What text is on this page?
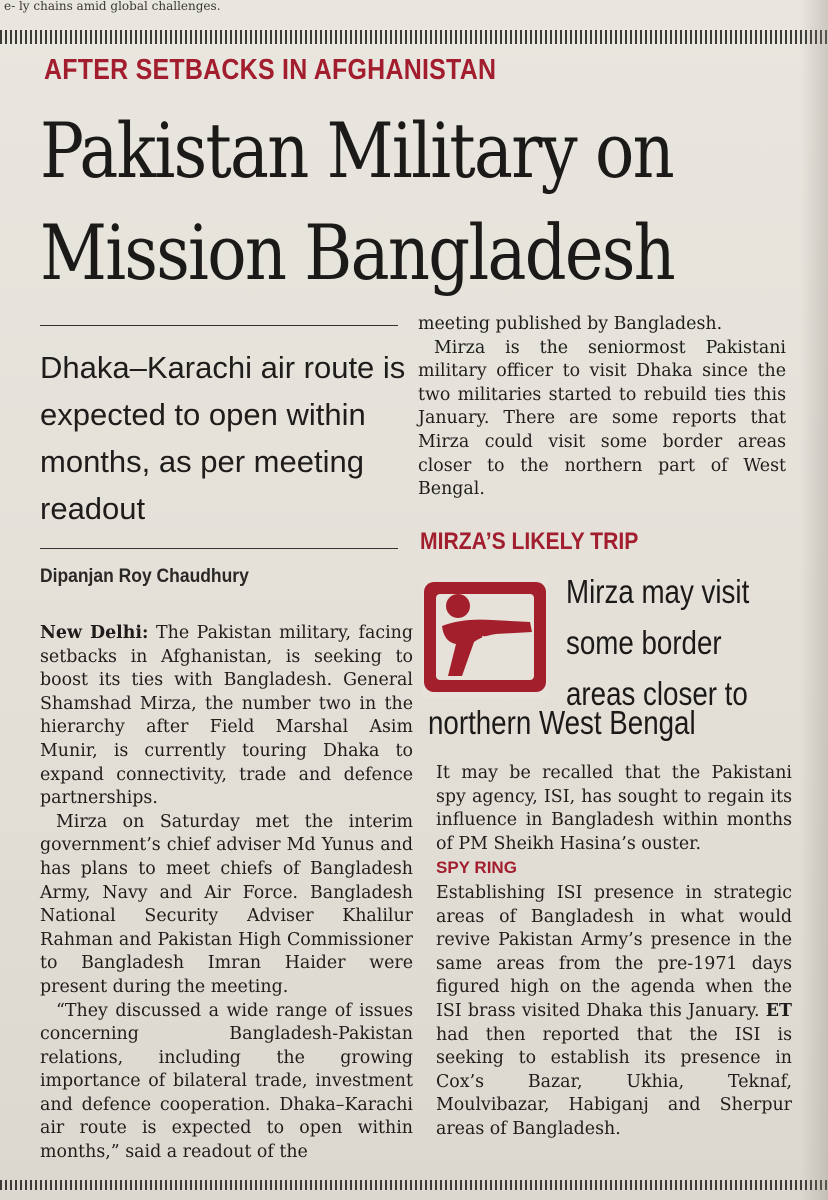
e- ly chains amid global challenges.
AFTER SETBACKS IN AFGHANISTAN
Pakistan Military on
Mission Bangladesh
Dhaka–Karachi air route is expected to open within months, as per meeting readout
Dipanjan Roy Chaudhury

New Delhi: The Pakistan military, facing setbacks in Afghanistan, is seeking to boost its ties with Bangladesh. General Shamshad Mirza, the number two in the hierarchy after Field Marshal Asim Munir, is currently touring Dhaka to expand connectivity, trade and defence partnerships.

Mirza on Saturday met the interim government’s chief adviser Md Yunus and has plans to meet chiefs of Bangladesh Army, Navy and Air Force. Bangladesh National Security Adviser Khalilur Rahman and Pakistan High Commissioner to Bangladesh Imran Haider were present during the meeting.

“They discussed a wide range of issues concerning Bangladesh-Pakistan relations, including the growing importance of bilateral trade, investment and defence cooperation. Dhaka–Karachi air route is expected to open within months,” said a readout of the

meeting published by Bangladesh.

Mirza is the seniormost Pakistani military officer to visit Dhaka since the two militaries started to rebuild ties this January. There are some reports that Mirza could visit some border areas closer to the northern part of West Bengal.

MIRZA’S LIKELY TRIP
Mirza may visit
some border
areas closer to
northern West Bengal

It may be recalled that the Pakistani spy agency, ISI, has sought to regain its influence in Bangladesh within months of PM Sheikh Hasina’s ouster.

SPY RING

Establishing ISI presence in strategic areas of Bangladesh in what would revive Pakistan Army’s presence in the same areas from the pre-1971 days figured high on the agenda when the ISI brass visited Dhaka this January. ET had then reported that the ISI is seeking to establish its presence in Cox’s Bazar, Ukhia, Teknaf, Moulvibazar, Habiganj and Sherpur areas of Bangladesh.
